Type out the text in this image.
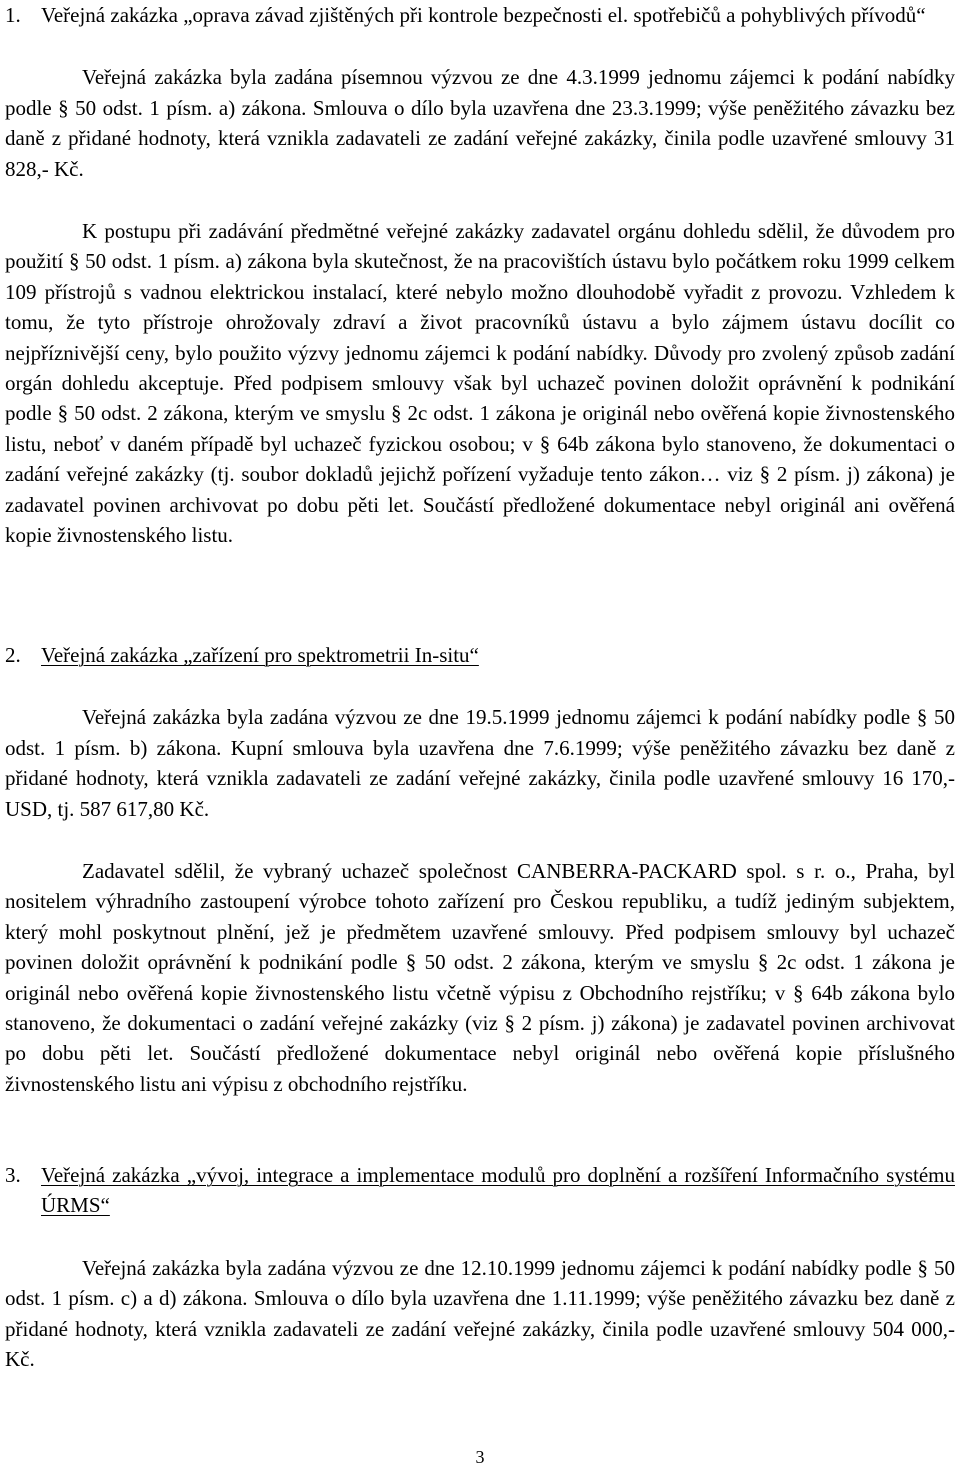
1. Veřejná zakázka „oprava závad zjištěných při kontrole bezpečnosti el. spotřebičů a pohyblivých přívodů“

Veřejná zakázka byla zadána písemnou výzvou ze dne 4.3.1999 jednomu zájemci k podání nabídky podle § 50 odst. 1 písm. a) zákona. Smlouva o dílo byla uzavřena dne 23.3.1999; výše peněžitého závazku bez daně z přidané hodnoty, která vznikla zadavateli ze zadání veřejné zakázky, činila podle uzavřené smlouvy 31 828,- Kč.

K postupu při zadávání předmětné veřejné zakázky zadavatel orgánu dohledu sdělil, že důvodem pro použití § 50 odst. 1 písm. a) zákona byla skutečnost, že na pracovištích ústavu bylo počátkem roku 1999 celkem 109 přístrojů s vadnou elektrickou instalací, které nebylo možno dlouhodobě vyřadit z provozu. Vzhledem k tomu, že tyto přístroje ohrožovaly zdraví a život pracovníků ústavu a bylo zájmem ústavu docílit co nejpříznivější ceny, bylo použito výzvy jednomu zájemci k podání nabídky. Důvody pro zvolený způsob zadání orgán dohledu akceptuje. Před podpisem smlouvy však byl uchazeč povinen doložit oprávnění k podnikání podle § 50 odst. 2 zákona, kterým ve smyslu § 2c odst. 1 zákona je originál nebo ověřená kopie živnostenského listu, neboť v daném případě byl uchazeč fyzickou osobou; v § 64b zákona bylo stanoveno, že dokumentaci o zadání veřejné zakázky (tj. soubor dokladů jejichž pořízení vyžaduje tento zákon… viz § 2 písm. j) zákona) je zadavatel povinen archivovat po dobu pěti let. Součástí předložené dokumentace nebyl originál ani ověřená kopie živnostenského listu.

2. Veřejná zakázka „zařízení pro spektrometrii In-situ“

Veřejná zakázka byla zadána výzvou ze dne 19.5.1999 jednomu zájemci k podání nabídky podle § 50 odst. 1 písm. b) zákona. Kupní smlouva byla uzavřena dne 7.6.1999; výše peněžitého závazku bez daně z přidané hodnoty, která vznikla zadavateli ze zadání veřejné zakázky, činila podle uzavřené smlouvy 16 170,- USD, tj. 587 617,80 Kč.

Zadavatel sdělil, že vybraný uchazeč společnost CANBERRA-PACKARD spol. s r. o., Praha, byl nositelem výhradního zastoupení výrobce tohoto zařízení pro Českou republiku, a tudíž jediným subjektem, který mohl poskytnout plnění, jež je předmětem uzavřené smlouvy. Před podpisem smlouvy byl uchazeč povinen doložit oprávnění k podnikání podle § 50 odst. 2 zákona, kterým ve smyslu § 2c odst. 1 zákona je originál nebo ověřená kopie živnostenského listu včetně výpisu z Obchodního rejstříku; v § 64b zákona bylo stanoveno, že dokumentaci o zadání veřejné zakázky (viz § 2 písm. j) zákona) je zadavatel povinen archivovat po dobu pěti let. Součástí předložené dokumentace nebyl originál nebo ověřená kopie příslušného živnostenského listu ani výpisu z obchodního rejstříku.

3. Veřejná zakázka „vývoj, integrace a implementace modulů pro doplnění a rozšíření Informačního systému ÚRMS“

Veřejná zakázka byla zadána výzvou ze dne 12.10.1999 jednomu zájemci k podání nabídky podle § 50 odst. 1 písm. c) a d) zákona. Smlouva o dílo byla uzavřena dne 1.11.1999; výše peněžitého závazku bez daně z přidané hodnoty, která vznikla zadavateli ze zadání veřejné zakázky, činila podle uzavřené smlouvy 504 000,- Kč.

3
